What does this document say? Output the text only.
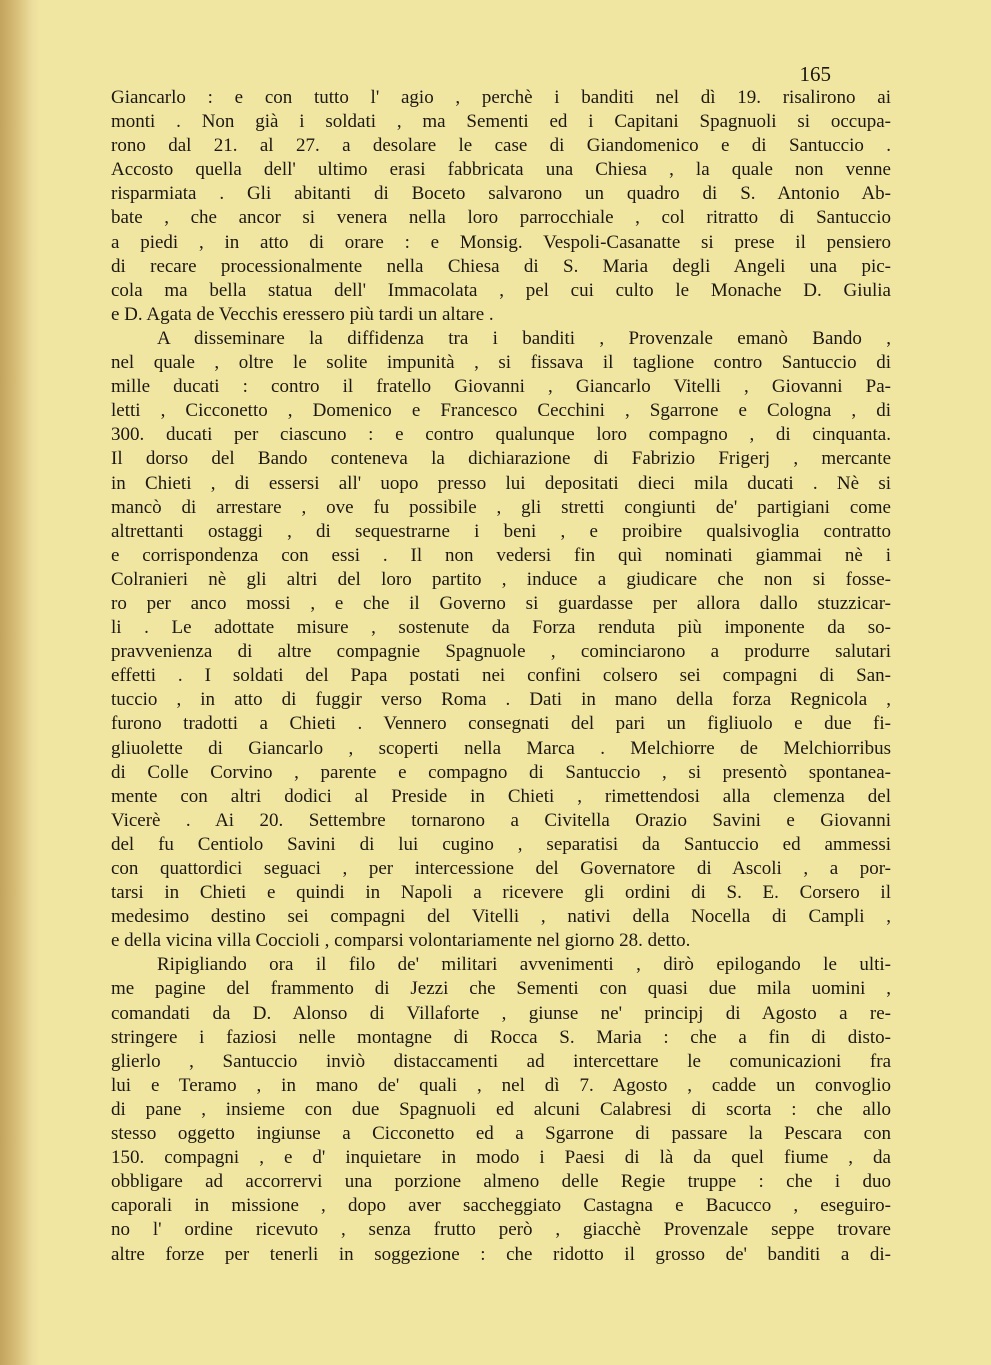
165
Giancarlo : e con tutto l' agio , perchè i banditi nel dì 19. risalirono ai
monti . Non già i soldati , ma Sementi ed i Capitani Spagnuoli si occupa-
rono dal 21. al 27. a desolare le case di Giandomenico e di Santuccio .
Accosto quella dell' ultimo erasi fabbricata una Chiesa , la quale non venne
risparmiata . Gli abitanti di Boceto salvarono un quadro di S. Antonio Ab-
bate , che ancor si venera nella loro parrocchiale , col ritratto di Santuccio
a piedi , in atto di orare : e Monsig. Vespoli-Casanatte si prese il pensiero
di recare processionalmente nella Chiesa di S. Maria degli Angeli una pic-
cola ma bella statua dell' Immacolata , pel cui culto le Monache D. Giulia
e D. Agata de Vecchis eressero più tardi un altare .
A disseminare la diffidenza tra i banditi , Provenzale emanò Bando ,
nel quale , oltre le solite impunità , si fissava il taglione contro Santuccio di
mille ducati : contro il fratello Giovanni , Giancarlo Vitelli , Giovanni Pa-
letti , Cicconetto , Domenico e Francesco Cecchini , Sgarrone e Cologna , di
300. ducati per ciascuno : e contro qualunque loro compagno , di cinquanta.
Il dorso del Bando conteneva la dichiarazione di Fabrizio Frigerj , mercante
in Chieti , di essersi all' uopo presso lui depositati dieci mila ducati . Nè si
mancò di arrestare , ove fu possibile , gli stretti congiunti de' partigiani come
altrettanti ostaggi , di sequestrarne i beni , e proibire qualsivoglia contratto
e corrispondenza con essi . Il non vedersi fin quì nominati giammai nè i
Colranieri nè gli altri del loro partito , induce a giudicare che non si fosse-
ro per anco mossi , e che il Governo si guardasse per allora dallo stuzzicar-
li . Le adottate misure , sostenute da Forza renduta più imponente da so-
pravvenienza di altre compagnie Spagnuole , cominciarono a produrre salutari
effetti . I soldati del Papa postati nei confini colsero sei compagni di San-
tuccio , in atto di fuggir verso Roma . Dati in mano della forza Regnicola ,
furono tradotti a Chieti . Vennero consegnati del pari un figliuolo e due fi-
gliuolette di Giancarlo , scoperti nella Marca . Melchiorre de Melchiorribus
di Colle Corvino , parente e compagno di Santuccio , si presentò spontanea-
mente con altri dodici al Preside in Chieti , rimettendosi alla clemenza del
Vicerè . Ai 20. Settembre tornarono a Civitella Orazio Savini e Giovanni
del fu Centiolo Savini di lui cugino , separatisi da Santuccio ed ammessi
con quattordici seguaci , per intercessione del Governatore di Ascoli , a por-
tarsi in Chieti e quindi in Napoli a ricevere gli ordini di S. E. Corsero il
medesimo destino sei compagni del Vitelli , nativi della Nocella di Campli ,
e della vicina villa Coccioli , comparsi volontariamente nel giorno 28. detto.
Ripigliando ora il filo de' militari avvenimenti , dirò epilogando le ulti-
me pagine del frammento di Jezzi che Sementi con quasi due mila uomini ,
comandati da D. Alonso di Villaforte , giunse ne' principj di Agosto a re-
stringere i faziosi nelle montagne di Rocca S. Maria : che a fin di disto-
glierlo , Santuccio inviò distaccamenti ad intercettare le comunicazioni fra
lui e Teramo , in mano de' quali , nel dì 7. Agosto , cadde un convoglio
di pane , insieme con due Spagnuoli ed alcuni Calabresi di scorta : che allo
stesso oggetto ingiunse a Cicconetto ed a Sgarrone di passare la Pescara con
150. compagni , e d' inquietare in modo i Paesi di là da quel fiume , da
obbligare ad accorrervi una porzione almeno delle Regie truppe : che i duo
caporali in missione , dopo aver saccheggiato Castagna e Bacucco , eseguiro-
no l' ordine ricevuto , senza frutto però , giacchè Provenzale seppe trovare
altre forze per tenerli in soggezione : che ridotto il grosso de' banditi a di-
